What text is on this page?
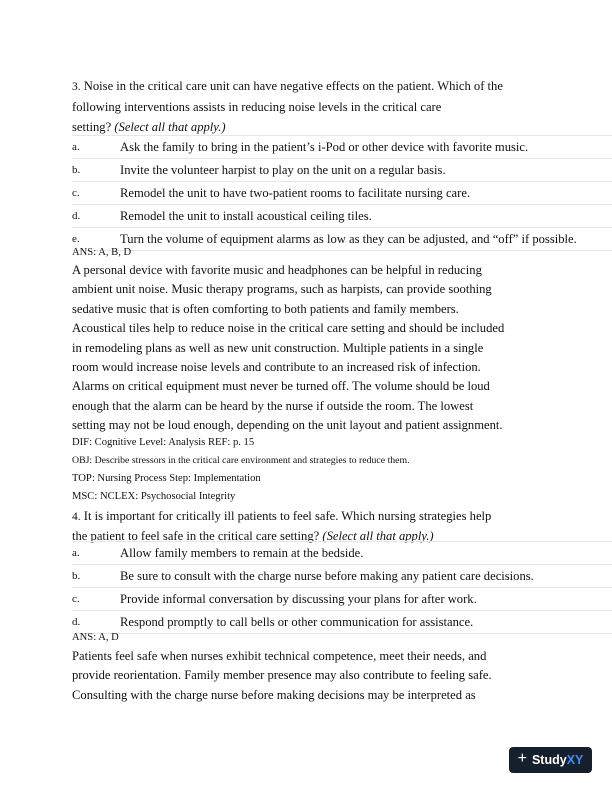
3. Noise in the critical care unit can have negative effects on the patient. Which of the
following interventions assists in reducing noise levels in the critical care
setting? (Select all that apply.)
a.	Ask the family to bring in the patient’s i-Pod or other device with favorite music.
b.	Invite the volunteer harpist to play on the unit on a regular basis.
c.	Remodel the unit to have two-patient rooms to facilitate nursing care.
d.	Remodel the unit to install acoustical ceiling tiles.
e.	Turn the volume of equipment alarms as low as they can be adjusted, and “off” if possible.
ANS: A, B, D
A personal device with favorite music and headphones can be helpful in reducing
ambient unit noise. Music therapy programs, such as harpists, can provide soothing
sedative music that is often comforting to both patients and family members.
Acoustical tiles help to reduce noise in the critical care setting and should be included
in remodeling plans as well as new unit construction. Multiple patients in a single
room would increase noise levels and contribute to an increased risk of infection.
Alarms on critical equipment must never be turned off. The volume should be loud
enough that the alarm can be heard by the nurse if outside the room. The lowest
setting may not be loud enough, depending on the unit layout and patient assignment.
DIF: Cognitive Level: Analysis REF: p. 15
OBJ: Describe stressors in the critical care environment and strategies to reduce them.
TOP: Nursing Process Step: Implementation
MSC: NCLEX: Psychosocial Integrity
4. It is important for critically ill patients to feel safe. Which nursing strategies help
the patient to feel safe in the critical care setting? (Select all that apply.)
a.	Allow family members to remain at the bedside.
b.	Be sure to consult with the charge nurse before making any patient care decisions.
c.	Provide informal conversation by discussing your plans for after work.
d.	Respond promptly to call bells or other communication for assistance.
ANS: A, D
Patients feel safe when nurses exhibit technical competence, meet their needs, and
provide reorientation. Family member presence may also contribute to feeling safe.
Consulting with the charge nurse before making decisions may be interpreted as
+ StudyXY
